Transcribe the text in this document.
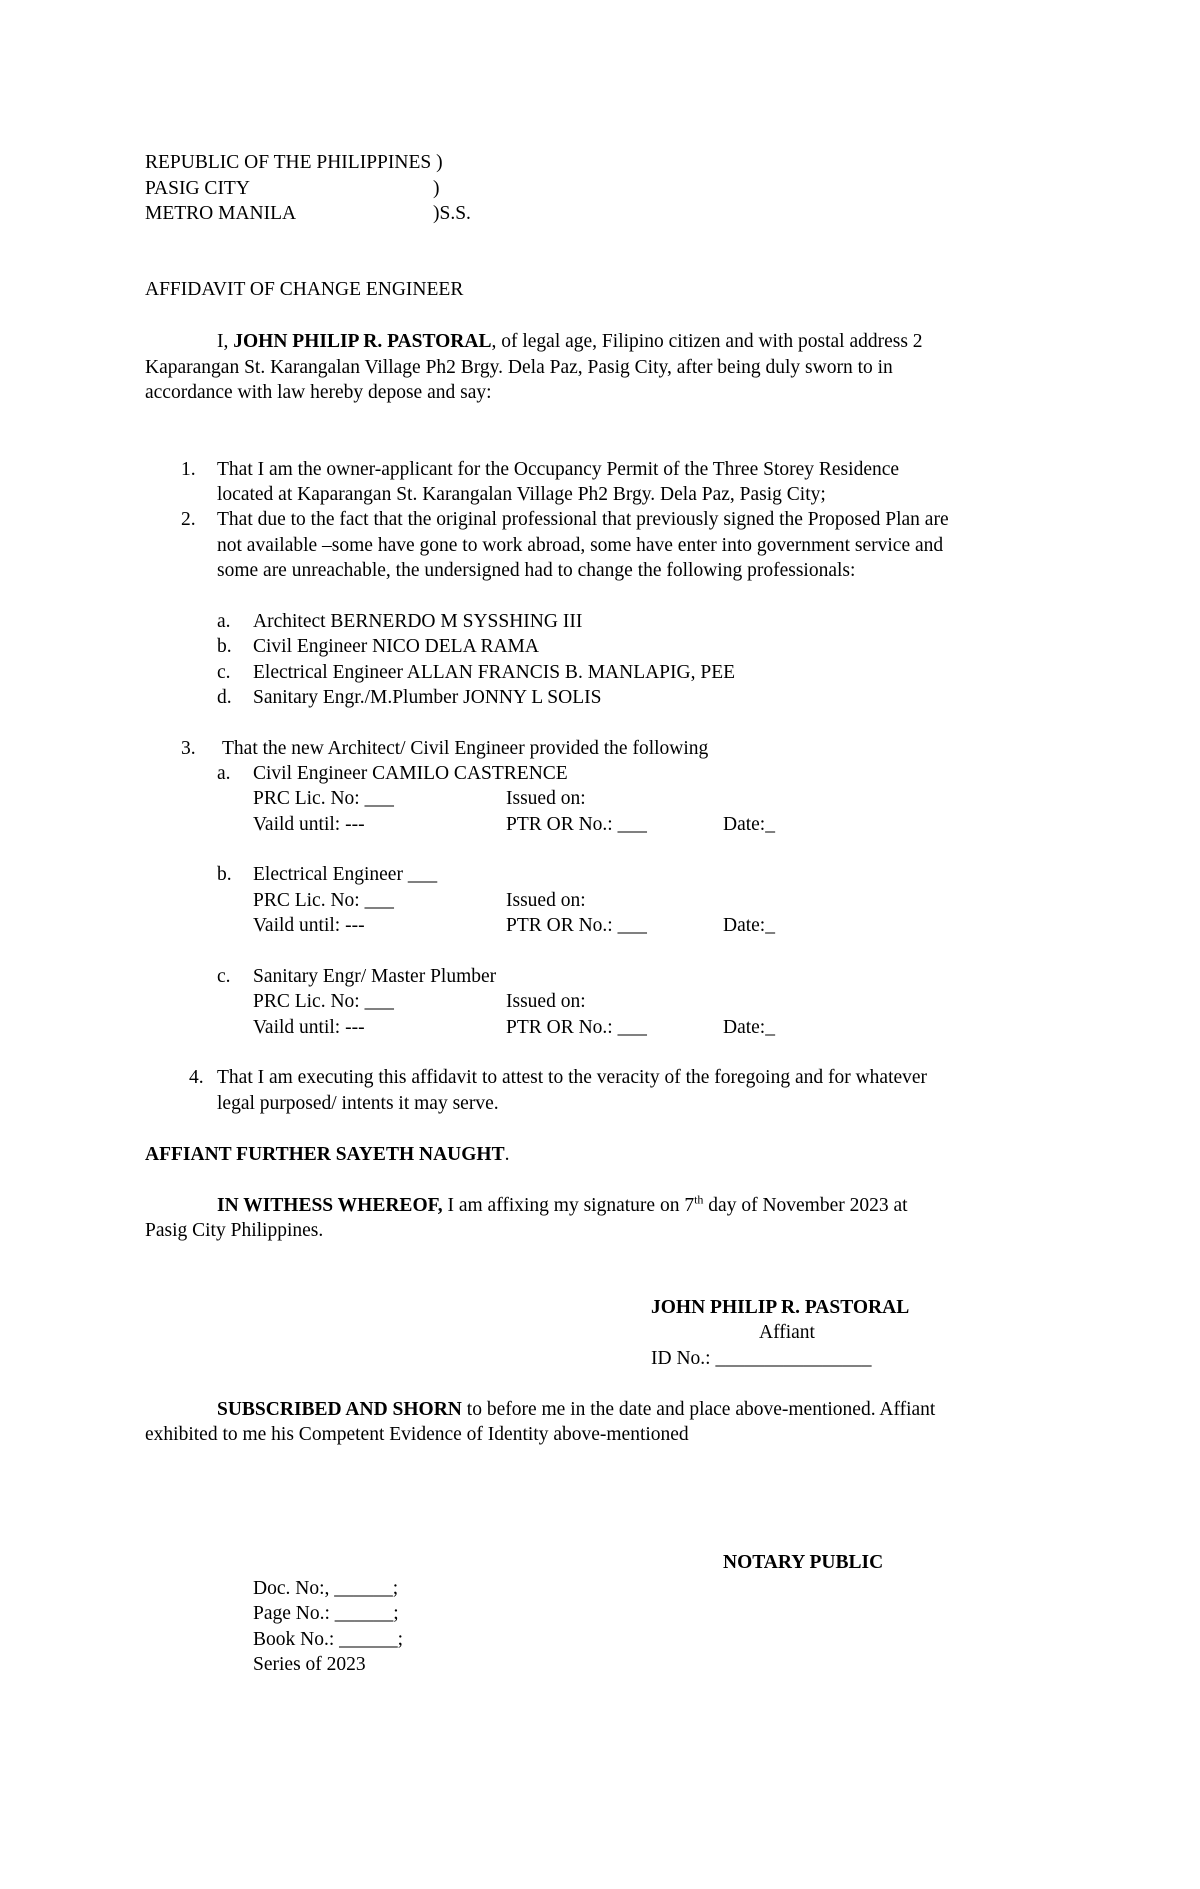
REPUBLIC OF THE PHILIPPINES )
PASIG CITY	)
METRO MANILA	)S.S.
AFFIDAVIT OF CHANGE ENGINEER
I, JOHN PHILIP R. PASTORAL, of legal age, Filipino citizen and with postal address 2
Kaparangan St. Karangalan Village Ph2 Brgy. Dela Paz, Pasig City, after being duly sworn to in
accordance with law hereby depose and say:
1. That I am the owner-applicant for the Occupancy Permit of the Three Storey Residence
located at Kaparangan St. Karangalan Village Ph2 Brgy. Dela Paz, Pasig City;
2. That due to the fact that the original professional that previously signed the Proposed Plan are
not available –some have gone to work abroad, some have enter into government service and
some are unreachable, the undersigned had to change the following professionals:
a. Architect BERNERDO M SYSSHING III
b. Civil Engineer NICO DELA RAMA
c. Electrical Engineer ALLAN FRANCIS B. MANLAPIG, PEE
d. Sanitary Engr./M.Plumber JONNY L SOLIS
3. That the new Architect/ Civil Engineer provided the following
a. Civil Engineer CAMILO CASTRENCE
PRC Lic. No: ___	Issued on:
Vaild until: ---	PTR OR No.: ___	Date:_
b. Electrical Engineer ___
PRC Lic. No: ___	Issued on:
Vaild until: ---	PTR OR No.: ___	Date:_
c. Sanitary Engr/ Master Plumber
PRC Lic. No: ___	Issued on:
Vaild until: ---	PTR OR No.: ___	Date:_
4. That I am executing this affidavit to attest to the veracity of the foregoing and for whatever
legal purposed/ intents it may serve.
AFFIANT FURTHER SAYETH NAUGHT.
IN WITHESS WHEREOF, I am affixing my signature on 7th day of November 2023 at
Pasig City Philippines.
JOHN PHILIP R. PASTORAL
Affiant
ID No.: ________________
SUBSCRIBED AND SHORN to before me in the date and place above-mentioned. Affiant
exhibited to me his Competent Evidence of Identity above-mentioned
NOTARY PUBLIC
Doc. No:, ______;
Page No.: ______;
Book No.: ______;
Series of 2023
